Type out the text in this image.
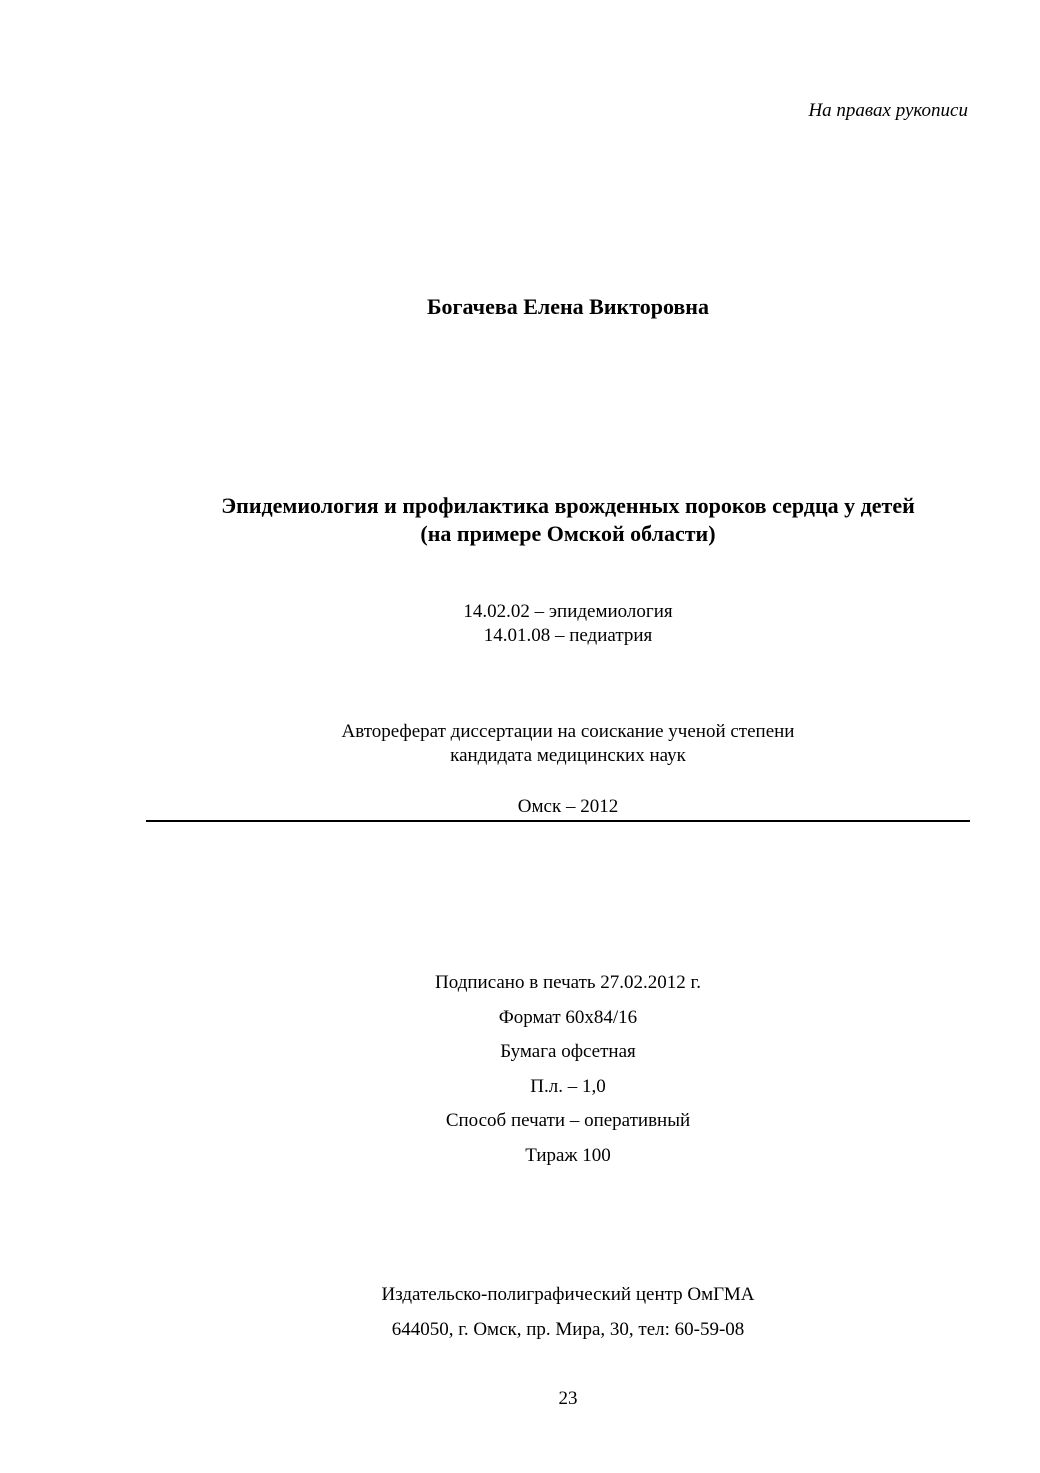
На правах рукописи
Богачева Елена Викторовна
Эпидемиология и профилактика врожденных пороков сердца у детей
(на примере Омской области)
14.02.02 – эпидемиология
14.01.08 – педиатрия
Автореферат диссертации на соискание ученой степени
кандидата медицинских наук
Омск – 2012
Подписано в печать 27.02.2012 г.
Формат 60x84/16
Бумага офсетная
П.л. – 1,0
Способ печати – оперативный
Тираж 100
Издательско-полиграфический центр ОмГМА
644050, г. Омск, пр. Мира, 30, тел: 60-59-08
23
